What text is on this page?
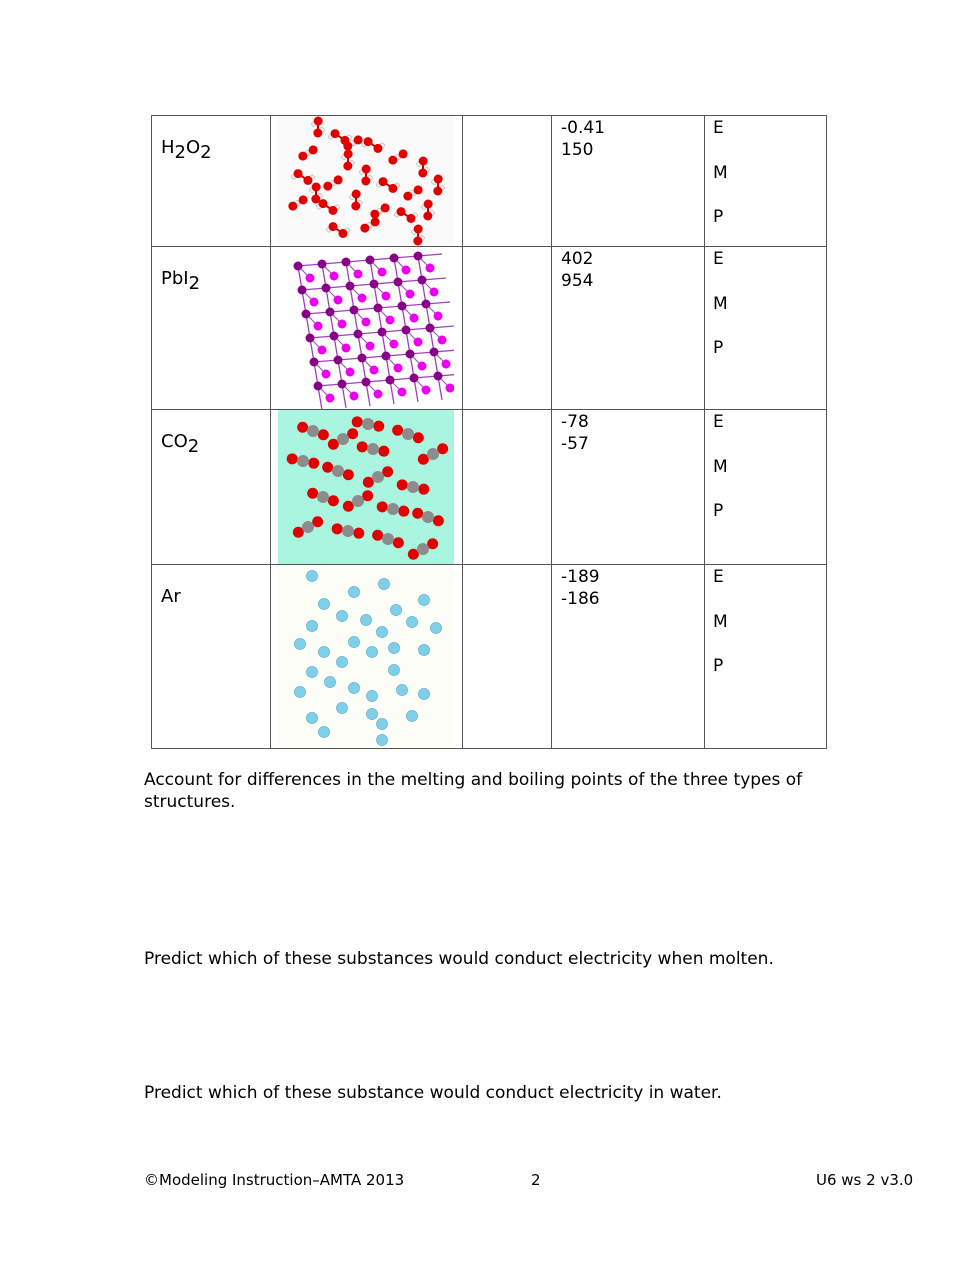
$H_2O_2$
-0.41
150
E
M
P
PbI$_2$
402
954
E
M
P
$CO_2$
-78
-57
E
M
P
Ar
-189
-186
E
M
P
Account for differences in the melting and boiling points of the three types of structures.
Predict which of these substances would conduct electricity when molten.
Predict which of these substance would conduct electricity in water.
©Modeling Instruction–AMTA 2013	2	U6 ws 2 v3.0
